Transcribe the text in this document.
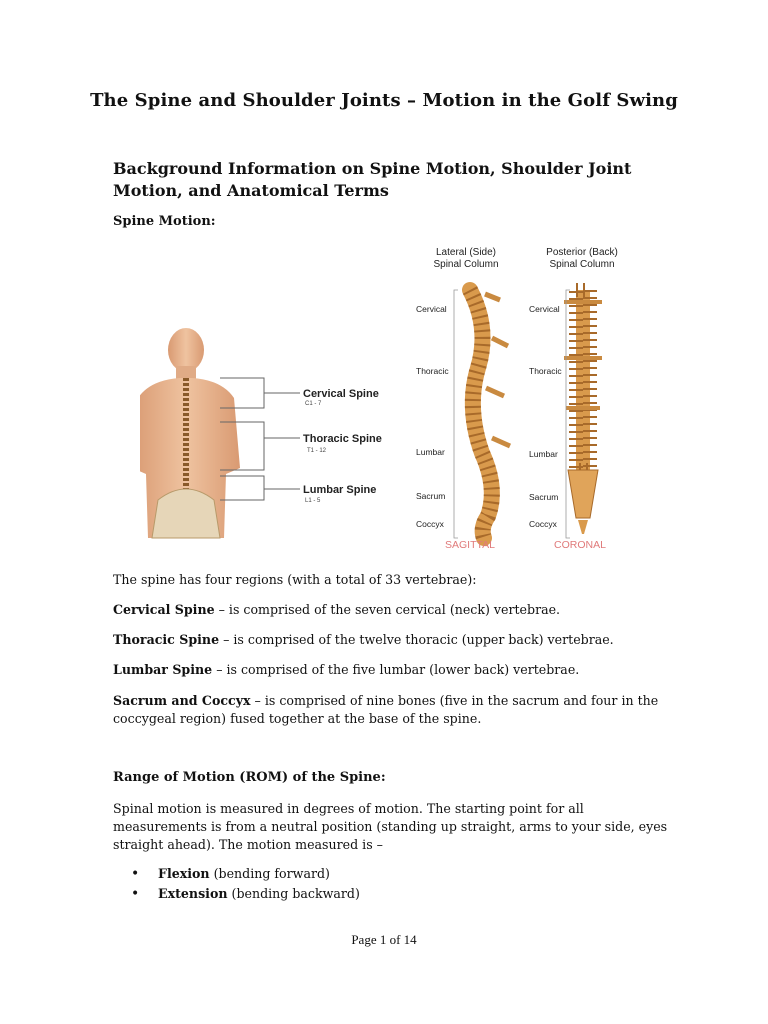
The Spine and Shoulder Joints – Motion in the Golf Swing
Background Information on Spine Motion, Shoulder Joint Motion, and Anatomical Terms
Spine Motion:
Cervical Spine
C1 - 7
Thoracic Spine
T1 - 12
Lumbar Spine
L1 - 5
Lateral (Side)
Spinal Column
Posterior (Back)
Spinal Column
Cervical
Thoracic
Lumbar
Sacrum
Coccyx
Cervical
Thoracic
Lumbar
Sacrum
Coccyx
SAGITTAL	CORONAL
The spine has four regions (with a total of 33 vertebrae):
Cervical Spine – is comprised of the seven cervical (neck) vertebrae.
Thoracic Spine – is comprised of the twelve thoracic (upper back) vertebrae.
Lumbar Spine – is comprised of the five lumbar (lower back) vertebrae.
Sacrum and Coccyx – is comprised of nine bones (five in the sacrum and four in the coccygeal region) fused together at the base of the spine.
Range of Motion (ROM) of the Spine:
Spinal motion is measured in degrees of motion. The starting point for all measurements is from a neutral position (standing up straight, arms to your side, eyes straight ahead). The motion measured is –
• Flexion (bending forward)
• Extension (bending backward)
Page 1 of 14
